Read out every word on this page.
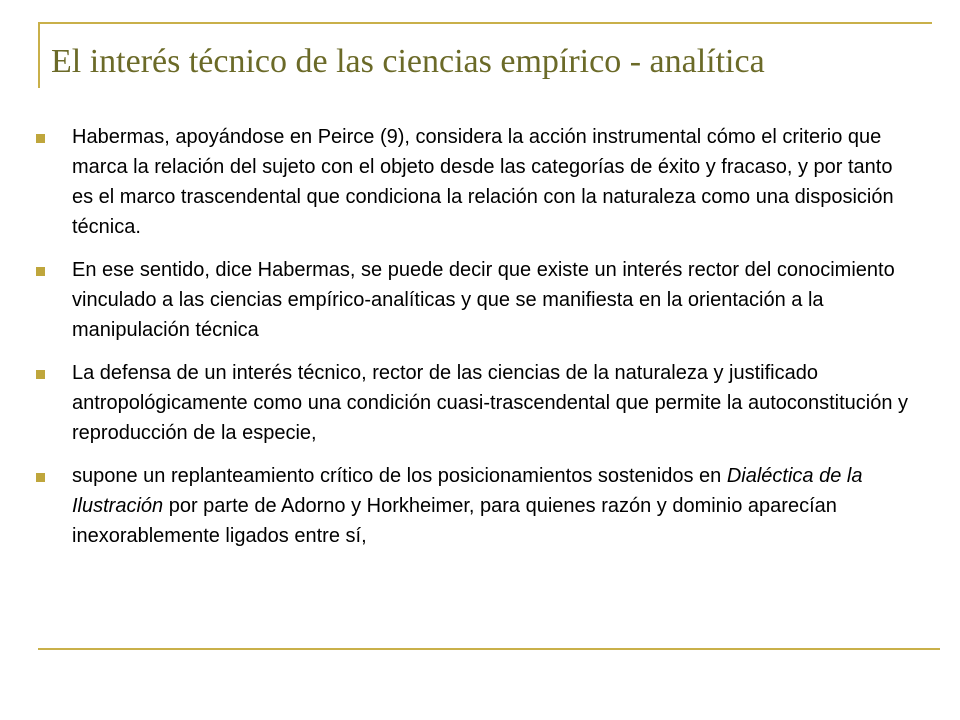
El interés técnico de las ciencias empírico - analítica
Habermas, apoyándose en Peirce (9), considera la acción instrumental cómo el criterio que marca la relación del sujeto con el objeto desde las categorías de éxito y fracaso, y por tanto es el marco trascendental que condiciona la relación con la naturaleza como una disposición técnica.
En ese sentido, dice Habermas, se puede decir que existe un interés rector del conocimiento vinculado a las ciencias empírico-analíticas y que se manifiesta en la orientación a la manipulación técnica
La defensa de un interés técnico, rector de las ciencias de la naturaleza y justificado antropológicamente como una condición cuasi-trascendental que permite la autoconstitución y reproducción de la especie,
supone un replanteamiento crítico de los posicionamientos sostenidos en Dialéctica de la Ilustración por parte de Adorno y Horkheimer, para quienes razón y dominio aparecían inexorablemente ligados entre sí,
